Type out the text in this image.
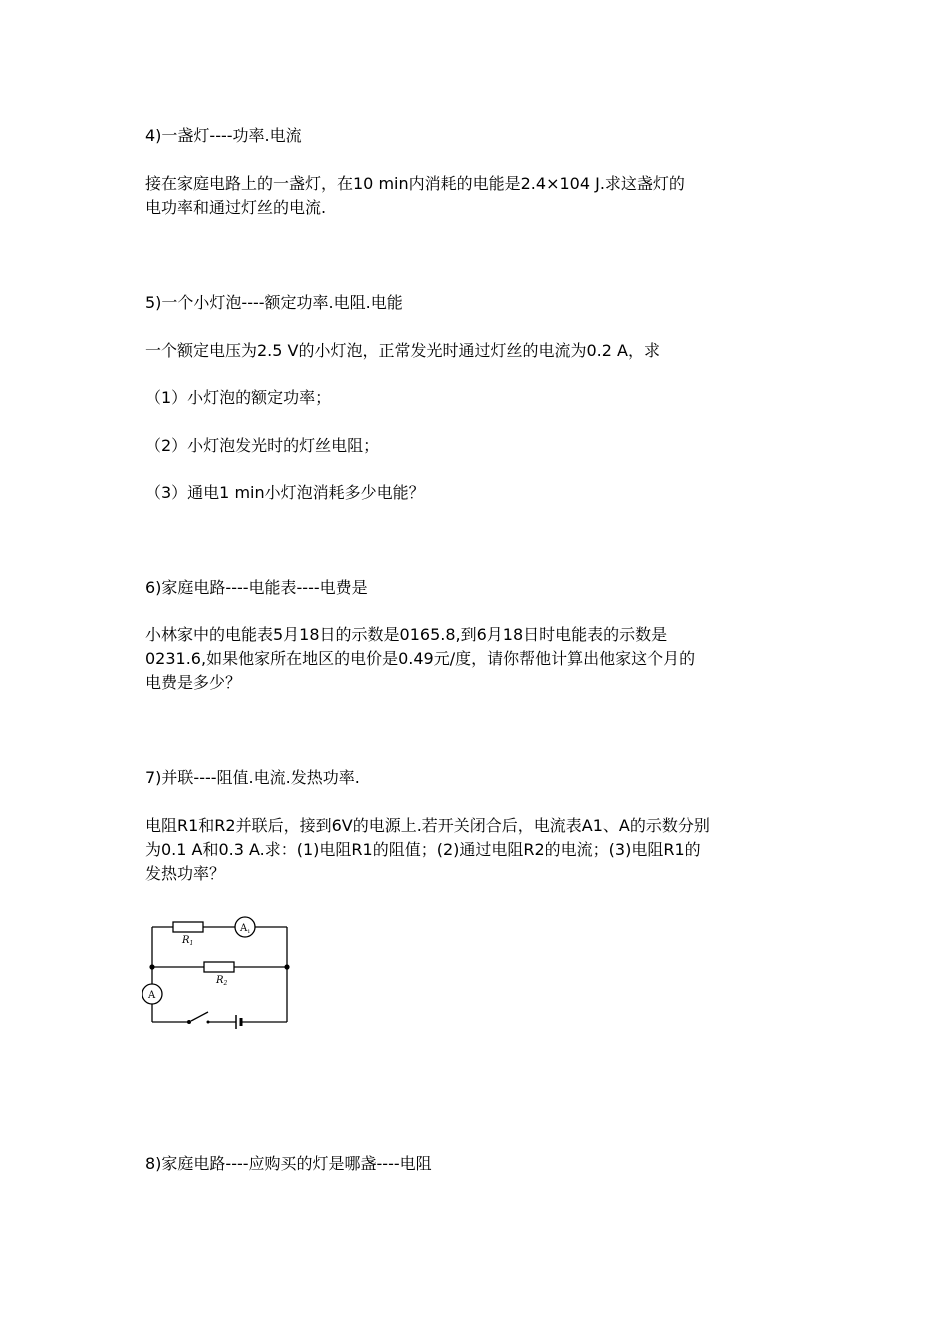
4)一盏灯----功率.电流
接在家庭电路上的一盏灯，在10 min内消耗的电能是2.4×104 J.求这盏灯的
电功率和通过灯丝的电流.
5)一个小灯泡----额定功率.电阻.电能
一个额定电压为2.5 V的小灯泡，正常发光时通过灯丝的电流为0.2 A，求
（1）小灯泡的额定功率；
（2）小灯泡发光时的灯丝电阻；
（3）通电1 min小灯泡消耗多少电能？
6)家庭电路----电能表----电费是
小林家中的电能表5月18日的示数是0165.8,到6月18日时电能表的示数是
0231.6,如果他家所在地区的电价是0.49元/度，请你帮他计算出他家这个月的
电费是多少？
7)并联----阻值.电流.发热功率.
电阻R1和R2并联后，接到6V的电源上.若开关闭合后，电流表A1、A的示数分别
为0.1 A和0.3 A.求：(1)电阻R1的阻值；(2)通过电阻R2的电流；(3)电阻R1的
发热功率？
$R_1$
$R_2$
$A_1$
A
8)家庭电路----应购买的灯是哪盏----电阻
